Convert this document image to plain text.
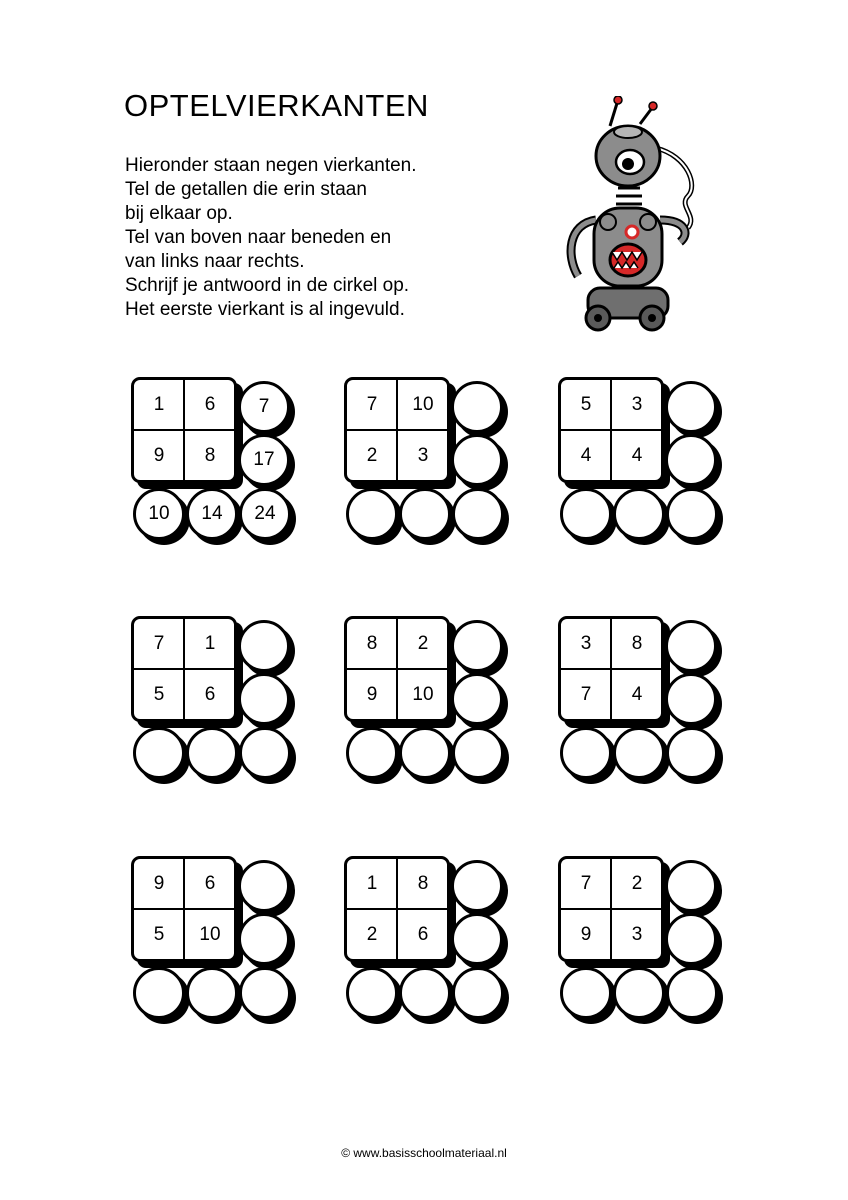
OPTELVIERKANTEN
Hieronder staan negen vierkanten.
Tel de getallen die erin staan
bij elkaar op.
Tel van boven naar beneden en
van links naar rechts.
Schrijf je antwoord in de cirkel op.
Het eerste vierkant is al ingevuld.
1	6
9	8
7
17
10	14	24
7	10
2	3
5	3
4	4
7	1
5	6
8	2
9	10
3	8
7	4
9	6
5	10
1	8
2	6
7	2
9	3
© www.basisschoolmateriaal.nl
